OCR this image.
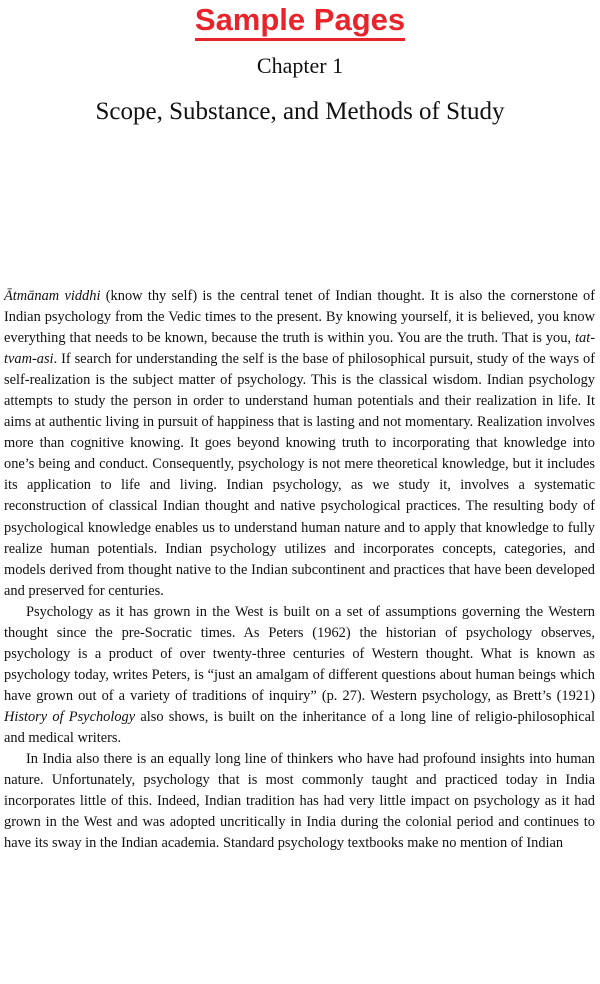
Sample Pages
Chapter 1
Scope, Substance, and Methods of Study

Ātmānam viddhi (know thy self) is the central tenet of Indian thought. It is also the cornerstone of Indian psychology from the Vedic times to the present. By knowing yourself, it is believed, you know everything that needs to be known, because the truth is within you. You are the truth. That is you, tat-tvam-asi. If search for understanding the self is the base of philosophical pursuit, study of the ways of self-realization is the subject matter of psychology. This is the classical wisdom. Indian psychology attempts to study the person in order to understand human potentials and their realization in life. It aims at authentic living in pursuit of happiness that is lasting and not momentary. Realization involves more than cognitive knowing. It goes beyond knowing truth to incorporating that knowledge into one’s being and conduct. Consequently, psychology is not mere theoretical knowledge, but it includes its application to life and living. Indian psychology, as we study it, involves a systematic reconstruction of classical Indian thought and native psychological practices. The resulting body of psychological knowledge enables us to understand human nature and to apply that knowledge to fully realize human potentials. Indian psychology utilizes and incorporates concepts, categories, and models derived from thought native to the Indian subcontinent and practices that have been developed and preserved for centuries.

Psychology as it has grown in the West is built on a set of assumptions governing the Western thought since the pre-Socratic times. As Peters (1962) the historian of psychology observes, psychology is a product of over twenty-three centuries of Western thought. What is known as psychology today, writes Peters, is “just an amalgam of different questions about human beings which have grown out of a variety of traditions of inquiry” (p. 27). Western psychology, as Brett’s (1921) History of Psychology also shows, is built on the inheritance of a long line of religio-philosophical and medical writers.

In India also there is an equally long line of thinkers who have had profound insights into human nature. Unfortunately, psychology that is most commonly taught and practiced today in India incorporates little of this. Indeed, Indian tradition has had very little impact on psychology as it had grown in the West and was adopted uncritically in India during the colonial period and continues to have its sway in the Indian academia. Standard psychology textbooks make no mention of Indian
